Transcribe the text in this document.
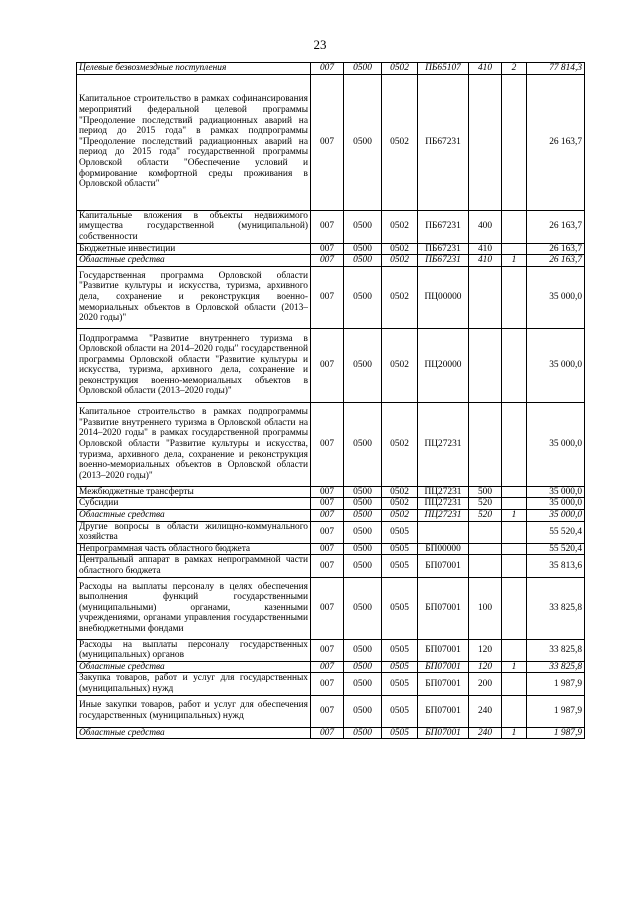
23
Целевые безвозмездные поступления	007	0500	0502	ПБ65107	410	2	77 814,3
Капитальное строительство в рамках софинансирования мероприятий федеральной целевой программы "Преодоление последствий радиационных аварий на период до 2015 года" в рамках подпрограммы "Преодоление последствий радиационных аварий на период до 2015 года" государственной программы Орловской области "Обеспечение условий и формирование комфортной среды проживания в Орловской области"	007	0500	0502	ПБ67231			26 163,7
Капитальные вложения в объекты недвижимого имущества государственной (муниципальной) собственности	007	0500	0502	ПБ67231	400		26 163,7
Бюджетные инвестиции	007	0500	0502	ПБ67231	410		26 163,7
Областные средства	007	0500	0502	ПБ67231	410	1	26 163,7
Государственная программа Орловской области "Развитие культуры и искусства, туризма, архивного дела, сохранение и реконструкция военно-мемориальных объектов в Орловской области (2013–2020 годы)"	007	0500	0502	ПЦ00000			35 000,0
Подпрограмма "Развитие внутреннего туризма в Орловской области на 2014–2020 годы" государственной программы Орловской области "Развитие культуры и искусства, туризма, архивного дела, сохранение и реконструкция военно-мемориальных объектов в Орловской области (2013–2020 годы)"	007	0500	0502	ПЦ20000			35 000,0
Капитальное строительство в рамках подпрограммы "Развитие внутреннего туризма в Орловской области на 2014–2020 годы" в рамках государственной программы Орловской области "Развитие культуры и искусства, туризма, архивного дела, сохранение и реконструкция военно-мемориальных объектов в Орловской области (2013–2020 годы)"	007	0500	0502	ПЦ27231			35 000,0
Межбюджетные трансферты	007	0500	0502	ПЦ27231	500		35 000,0
Субсидии	007	0500	0502	ПЦ27231	520		35 000,0
Областные средства	007	0500	0502	ПЦ27231	520	1	35 000,0
Другие вопросы в области жилищно-коммунального хозяйства	007	0500	0505				55 520,4
Непрограммная часть областного бюджета	007	0500	0505	БП00000			55 520,4
Центральный аппарат в рамках непрограммной части областного бюджета	007	0500	0505	БП07001			35 813,6
Расходы на выплаты персоналу в целях обеспечения выполнения функций государственными (муниципальными) органами, казенными учреждениями, органами управления государственными внебюджетными фондами	007	0500	0505	БП07001	100		33 825,8
Расходы на выплаты персоналу государственных (муниципальных) органов	007	0500	0505	БП07001	120		33 825,8
Областные средства	007	0500	0505	БП07001	120	1	33 825,8
Закупка товаров, работ и услуг для государственных (муниципальных) нужд	007	0500	0505	БП07001	200		1 987,9
Иные закупки товаров, работ и услуг для обеспечения государственных (муниципальных) нужд	007	0500	0505	БП07001	240		1 987,9
Областные средства	007	0500	0505	БП07001	240	1	1 987,9
